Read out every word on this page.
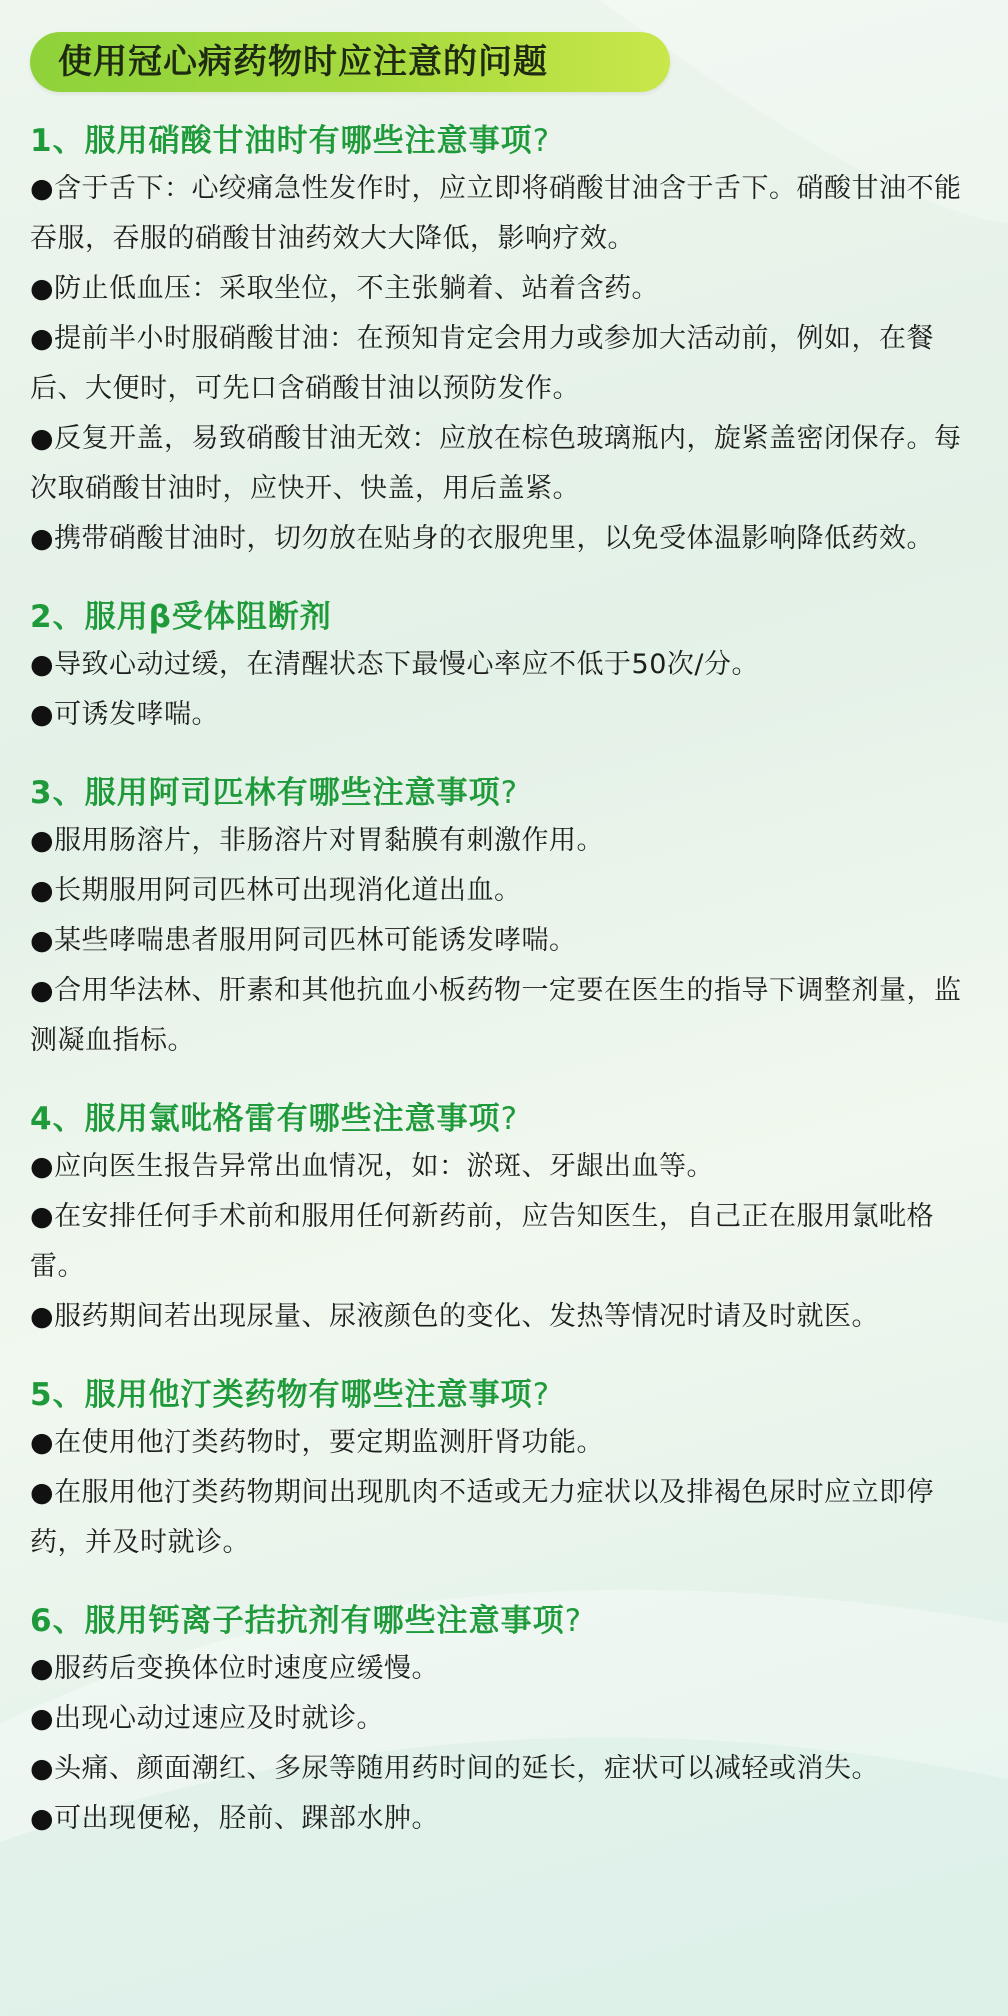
使用冠心病药物时应注意的问题
1、服用硝酸甘油时有哪些注意事项?
●含于舌下：心绞痛急性发作时，应立即将硝酸甘油含于舌下。硝酸甘油不能吞服，吞服的硝酸甘油药效大大降低，影响疗效。
●防止低血压：采取坐位，不主张躺着、站着含药。
●提前半小时服硝酸甘油：在预知肯定会用力或参加大活动前，例如，在餐后、大便时，可先口含硝酸甘油以预防发作。
●反复开盖，易致硝酸甘油无效：应放在棕色玻璃瓶内，旋紧盖密闭保存。每次取硝酸甘油时，应快开、快盖，用后盖紧。
●携带硝酸甘油时，切勿放在贴身的衣服兜里，以免受体温影响降低药效。
2、服用β受体阻断剂
●导致心动过缓，在清醒状态下最慢心率应不低于50次/分。
●可诱发哮喘。
3、服用阿司匹林有哪些注意事项?
●服用肠溶片，非肠溶片对胃黏膜有刺激作用。
●长期服用阿司匹林可出现消化道出血。
●某些哮喘患者服用阿司匹林可能诱发哮喘。
●合用华法林、肝素和其他抗血小板药物一定要在医生的指导下调整剂量，监测凝血指标。
4、服用氯吡格雷有哪些注意事项?
●应向医生报告异常出血情况，如：淤斑、牙龈出血等。
●在安排任何手术前和服用任何新药前，应告知医生，自己正在服用氯吡格雷。
●服药期间若出现尿量、尿液颜色的变化、发热等情况时请及时就医。
5、服用他汀类药物有哪些注意事项?
●在使用他汀类药物时，要定期监测肝肾功能。
●在服用他汀类药物期间出现肌肉不适或无力症状以及排褐色尿时应立即停药，并及时就诊。
6、服用钙离子拮抗剂有哪些注意事项?
●服药后变换体位时速度应缓慢。
●出现心动过速应及时就诊。
●头痛、颜面潮红、多尿等随用药时间的延长，症状可以减轻或消失。
●可出现便秘，胫前、踝部水肿。
